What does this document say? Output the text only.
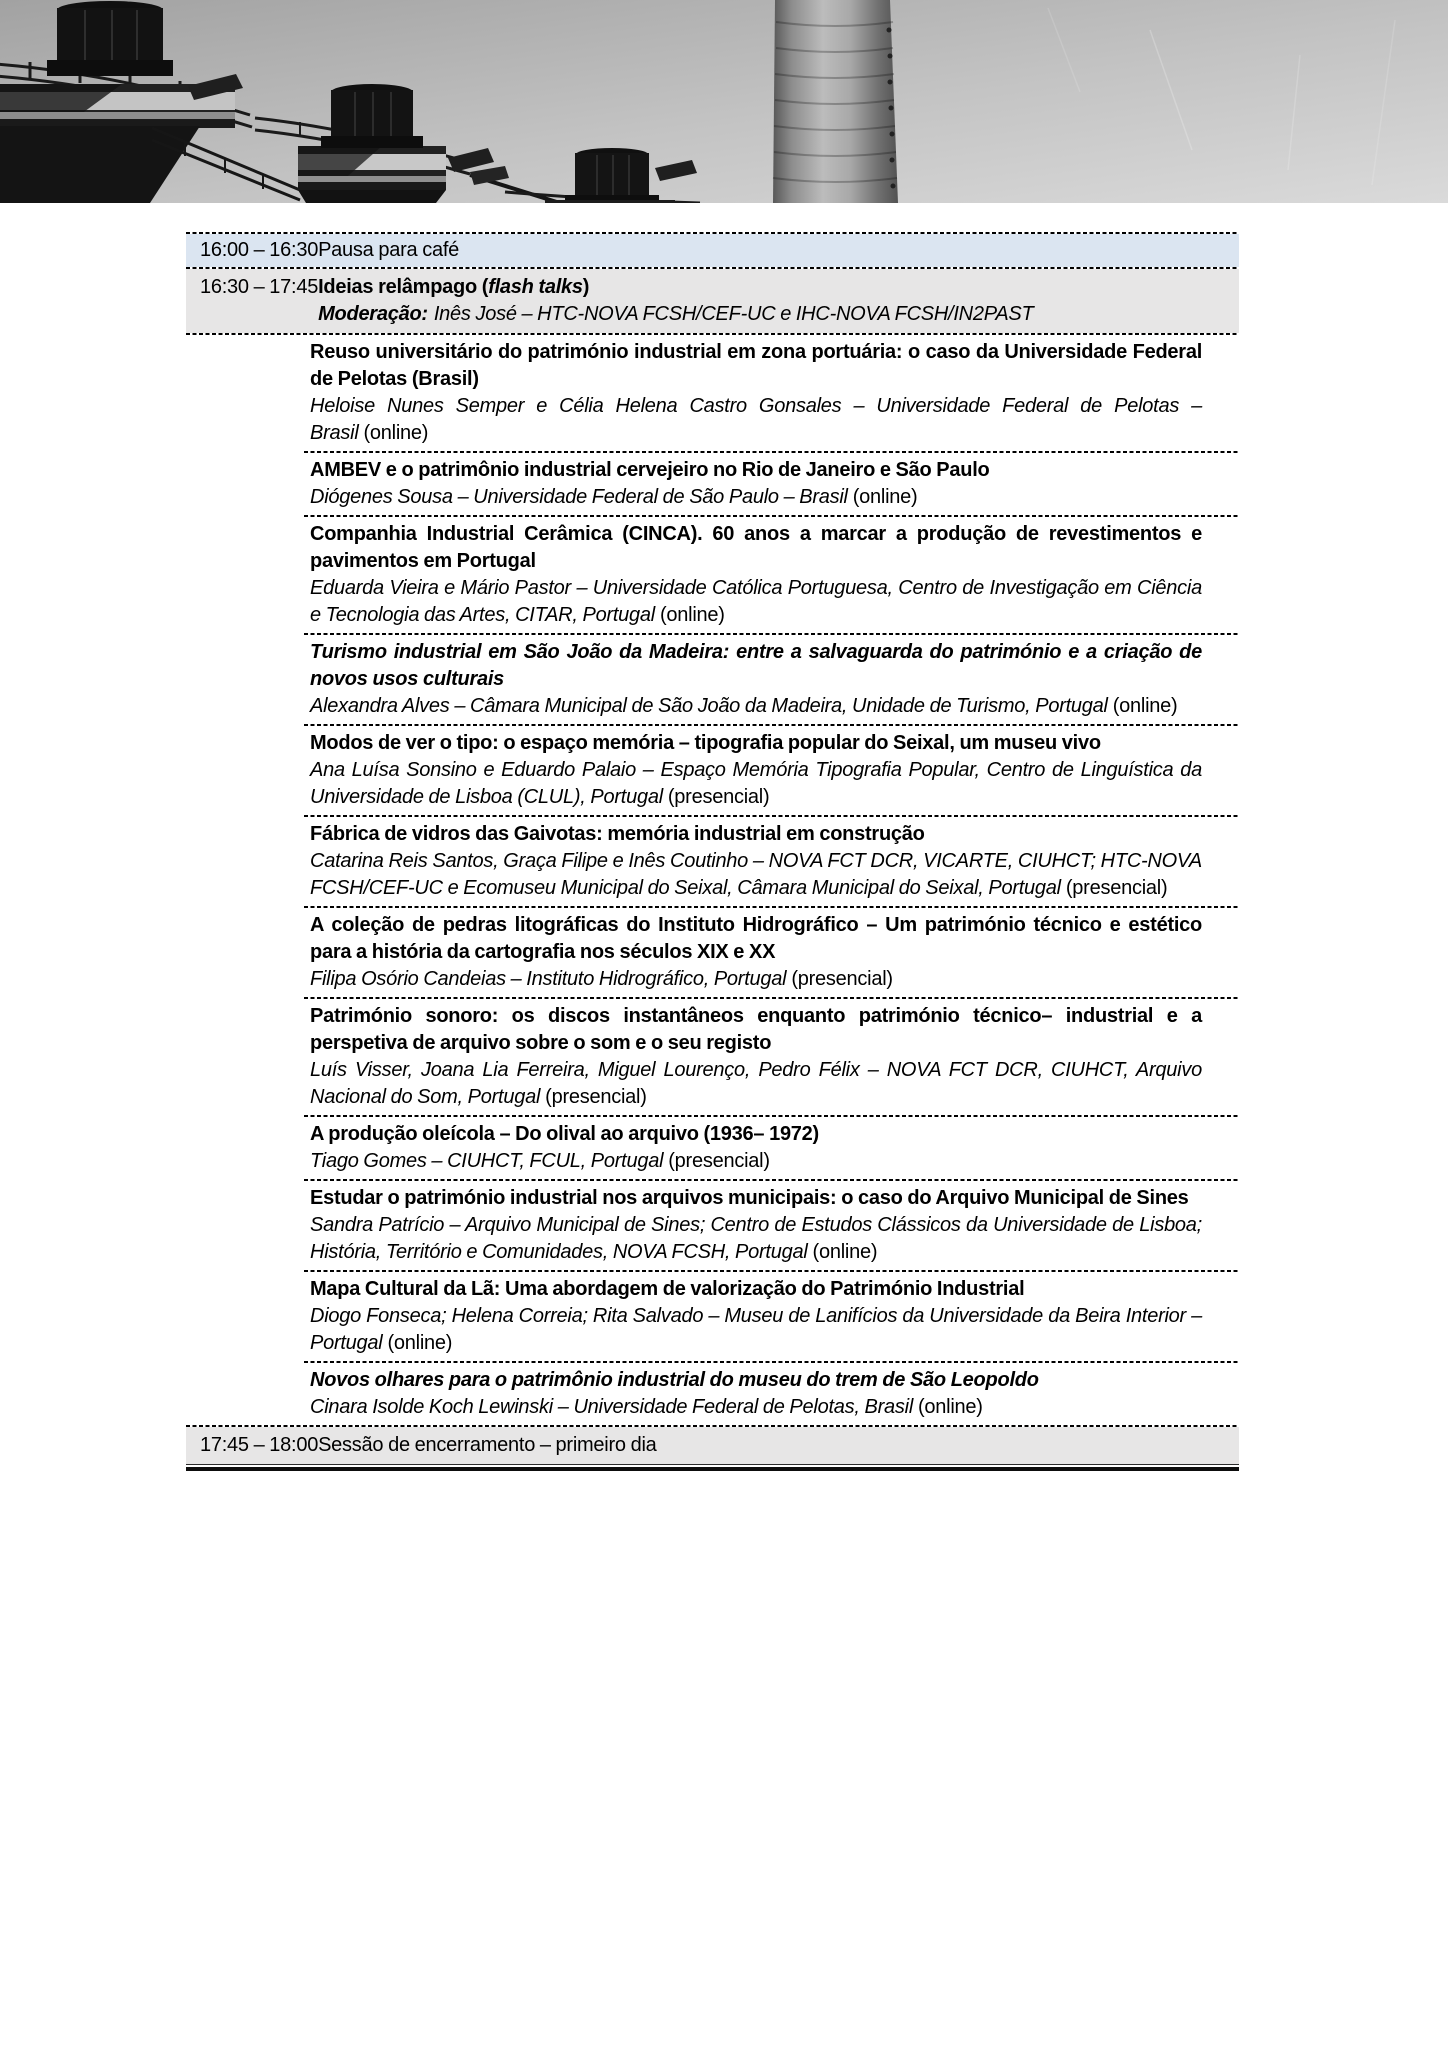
16:00 – 16:30 Pausa para café
16:30 – 17:45 Ideias relâmpago (flash talks)

Moderação: Inês José – HTC-NOVA FCSH/CEF-UC e IHC-NOVA FCSH/IN2PAST

Reuso universitário do património industrial em zona portuária: o caso da Universidade Federal de Pelotas (Brasil)

Heloise Nunes Semper e Célia Helena Castro Gonsales – Universidade Federal de Pelotas – Brasil (online)

AMBEV e o patrimônio industrial cervejeiro no Rio de Janeiro e São Paulo

Diógenes Sousa – Universidade Federal de São Paulo – Brasil (online)

Companhia Industrial Cerâmica (CINCA). 60 anos a marcar a produção de revestimentos e pavimentos em Portugal

Eduarda Vieira e Mário Pastor – Universidade Católica Portuguesa, Centro de Investigação em Ciência e Tecnologia das Artes, CITAR, Portugal (online)

Turismo industrial em São João da Madeira: entre a salvaguarda do património e a criação de novos usos culturais

Alexandra Alves – Câmara Municipal de São João da Madeira, Unidade de Turismo, Portugal (online)

Modos de ver o tipo: o espaço memória – tipografia popular do Seixal, um museu vivo

Ana Luísa Sonsino e Eduardo Palaio – Espaço Memória Tipografia Popular, Centro de Linguística da Universidade de Lisboa (CLUL), Portugal (presencial)

Fábrica de vidros das Gaivotas: memória industrial em construção

Catarina Reis Santos, Graça Filipe e Inês Coutinho – NOVA FCT DCR, VICARTE, CIUHCT; HTC-NOVA FCSH/CEF-UC e Ecomuseu Municipal do Seixal, Câmara Municipal do Seixal, Portugal (presencial)

A coleção de pedras litográficas do Instituto Hidrográfico – Um património técnico e estético para a história da cartografia nos séculos XIX e XX

Filipa Osório Candeias – Instituto Hidrográfico, Portugal (presencial)

Património sonoro: os discos instantâneos enquanto património técnico– industrial e a perspetiva de arquivo sobre o som e o seu registo

Luís Visser, Joana Lia Ferreira, Miguel Lourenço, Pedro Félix – NOVA FCT DCR, CIUHCT, Arquivo Nacional do Som, Portugal (presencial)

A produção oleícola – Do olival ao arquivo (1936– 1972)

Tiago Gomes – CIUHCT, FCUL, Portugal (presencial)

Estudar o património industrial nos arquivos municipais: o caso do Arquivo Municipal de Sines

Sandra Patrício – Arquivo Municipal de Sines; Centro de Estudos Clássicos da Universidade de Lisboa; História, Território e Comunidades, NOVA FCSH, Portugal (online)

Mapa Cultural da Lã: Uma abordagem de valorização do Património Industrial

Diogo Fonseca; Helena Correia; Rita Salvado – Museu de Lanifícios da Universidade da Beira Interior – Portugal (online)

Novos olhares para o patrimônio industrial do museu do trem de São Leopoldo

Cinara Isolde Koch Lewinski – Universidade Federal de Pelotas, Brasil (online)

17:45 – 18:00 Sessão de encerramento – primeiro dia
